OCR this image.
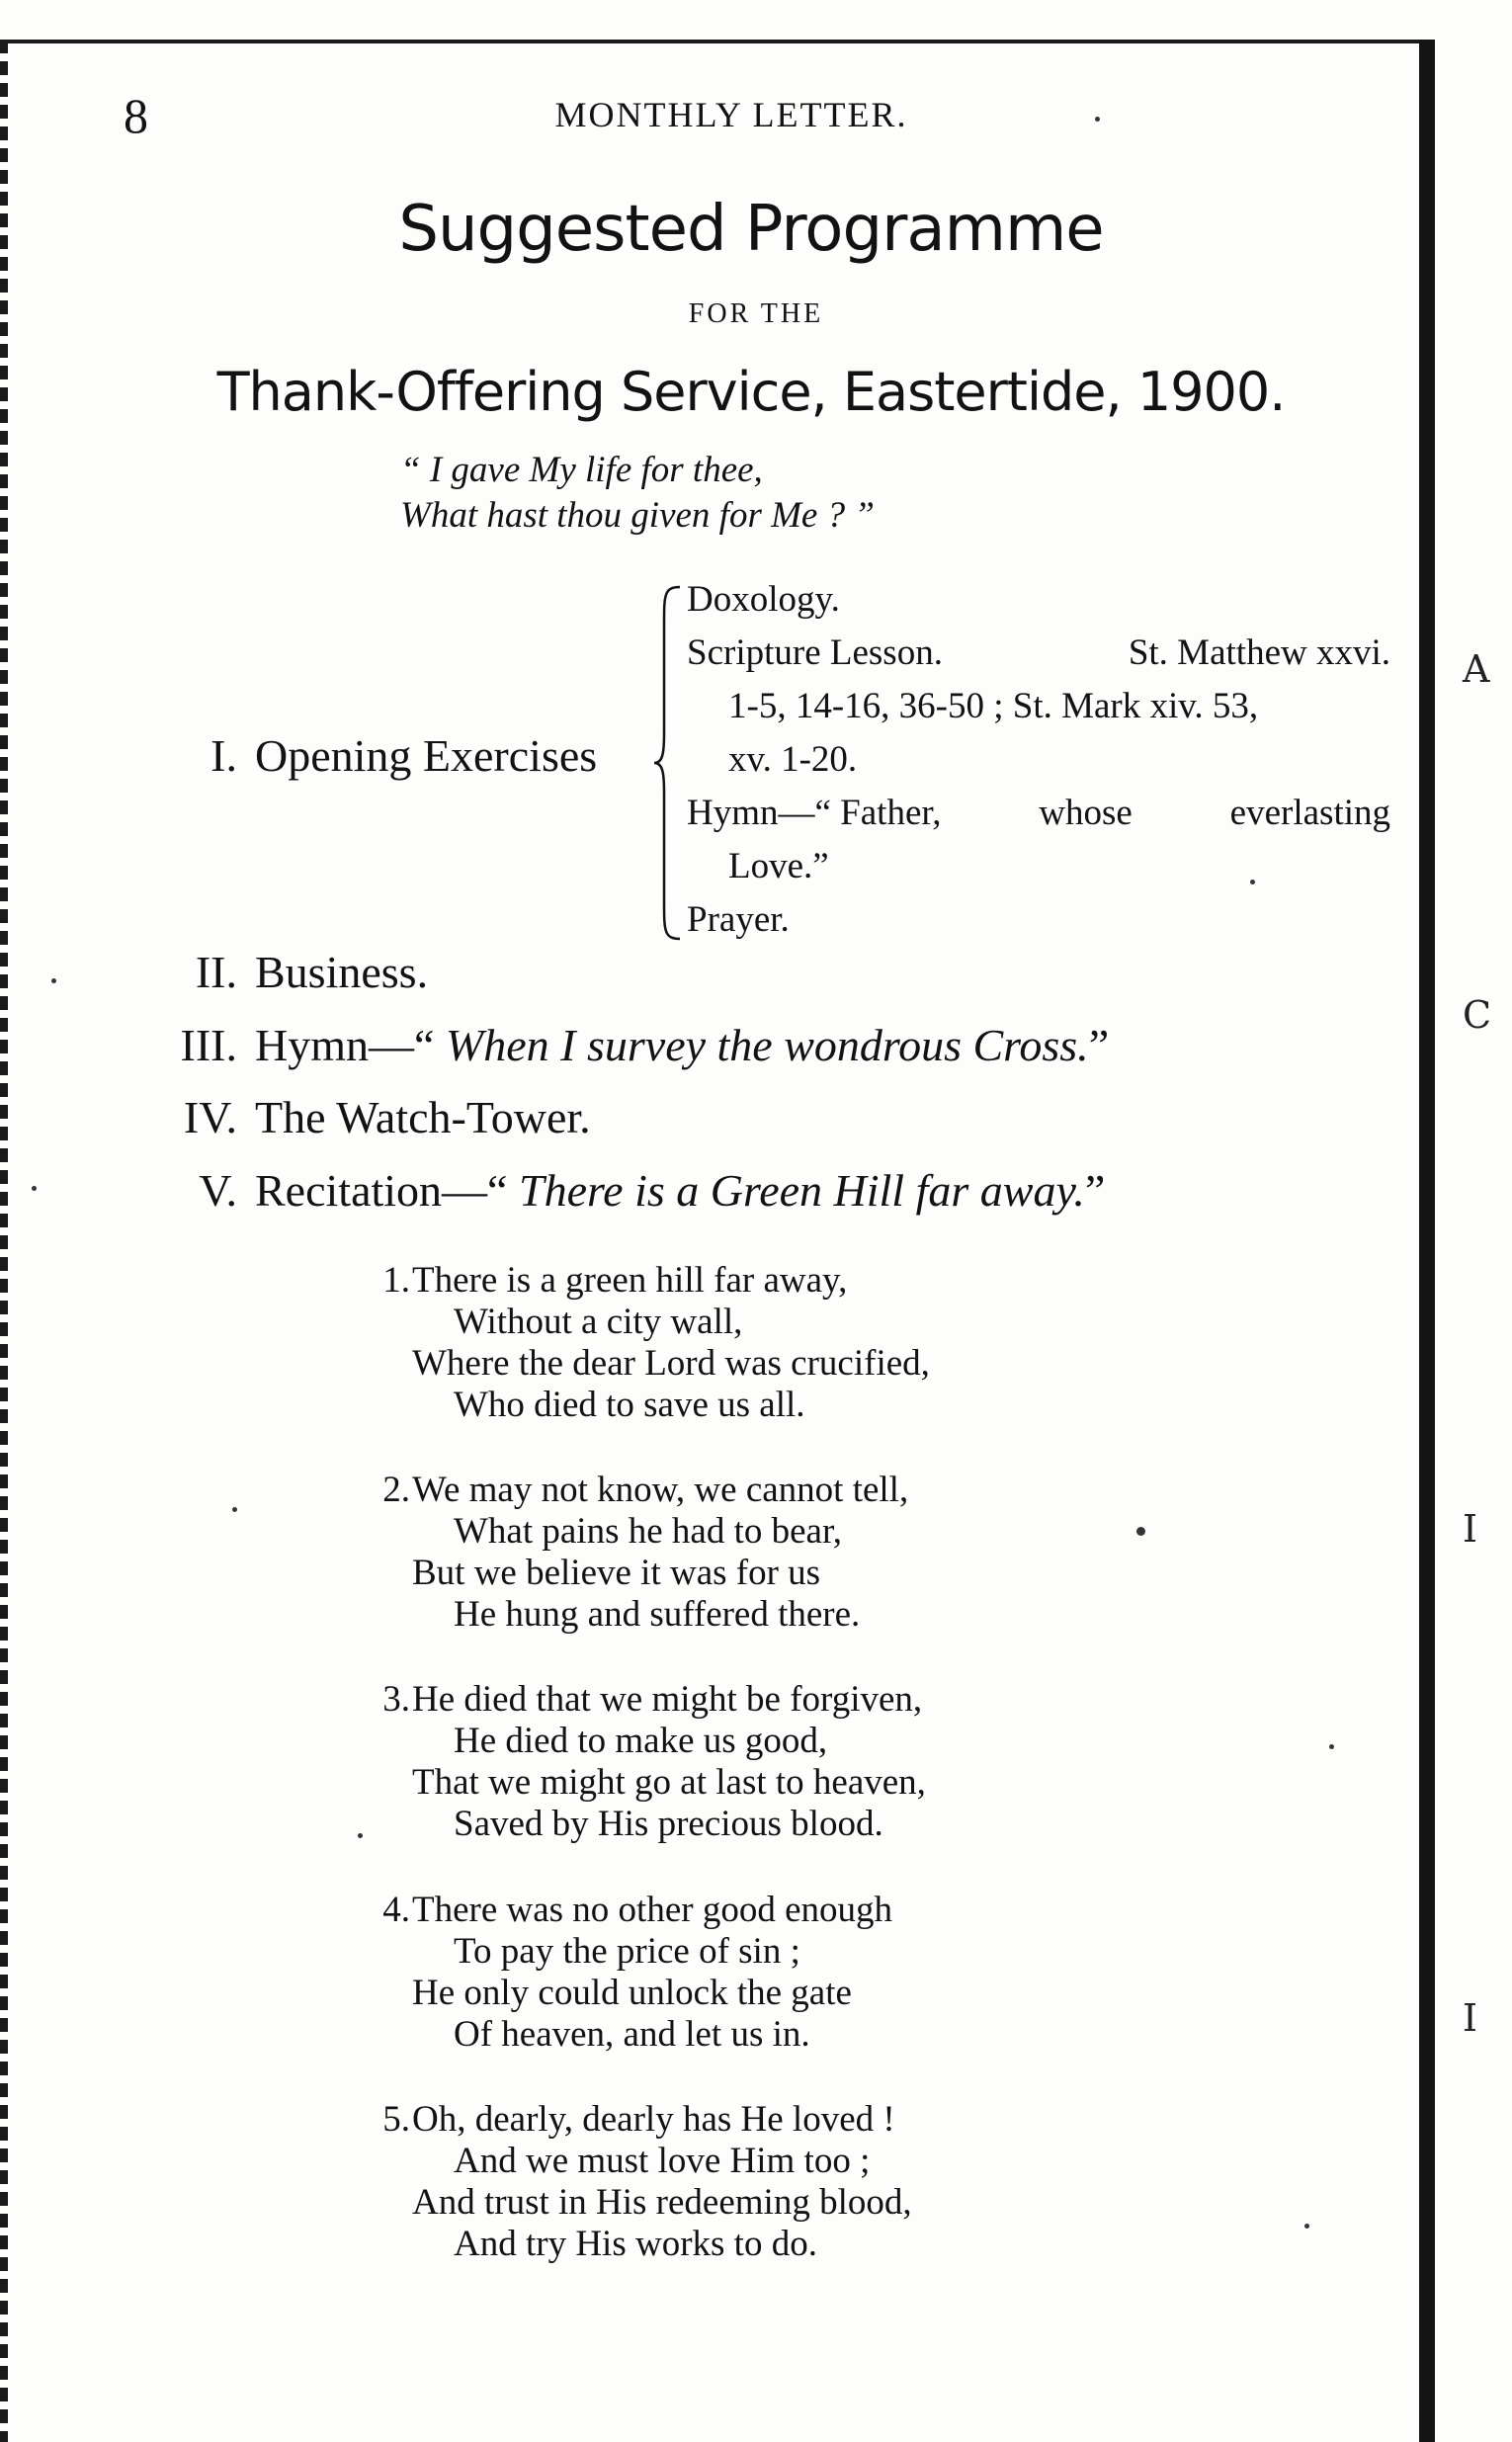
A
C
I
I
8	MONTHLY LETTER.
Suggested Programme
FOR THE
Thank-Offering Service, Eastertide, 1900.
“ I gave My life for thee,
What hast thou given for Me ? ”
I. Opening Exercises
Doxology.
Scripture Lesson.	St. Matthew xxvi.
1-5, 14-16, 36-50 ; St. Mark xiv. 53,
xv. 1-20.
Hymn—“ Father,	whose	everlasting
Love.”
Prayer.
II. Business.
III. Hymn—“ When I survey the wondrous Cross.”
IV. The Watch-Tower.
V. Recitation—“ There is a Green Hill far away.”
1.There is a green hill far away,
Without a city wall,
Where the dear Lord was crucified,
Who died to save us all.
2.We may not know, we cannot tell,
What pains he had to bear,
But we believe it was for us
He hung and suffered there.
3.He died that we might be forgiven,
He died to make us good,
That we might go at last to heaven,
Saved by His precious blood.
4.There was no other good enough
To pay the price of sin ;
He only could unlock the gate
Of heaven, and let us in.
5.Oh, dearly, dearly has He loved !
And we must love Him too ;
And trust in His redeeming blood,
And try His works to do.
